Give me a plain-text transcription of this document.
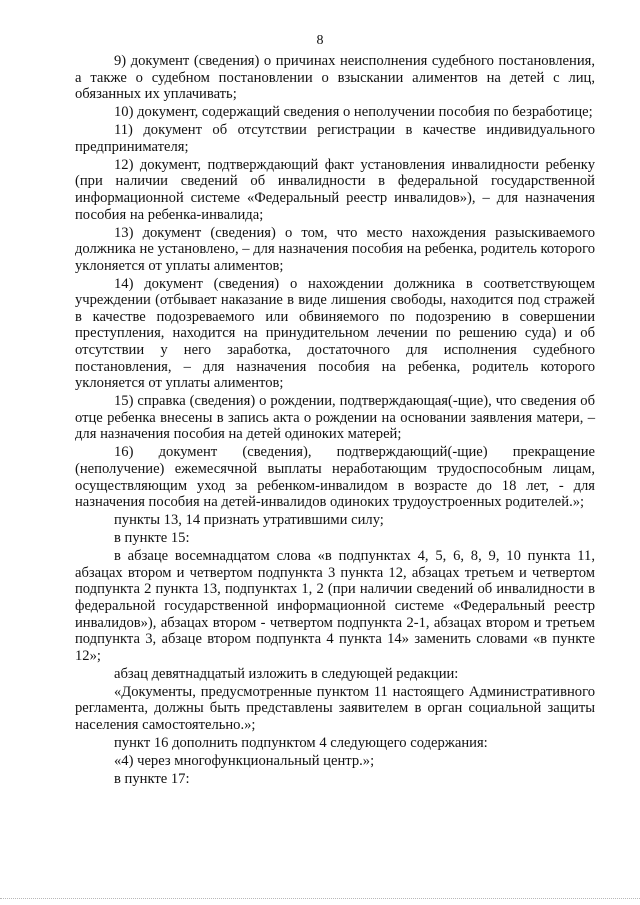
8

9) документ (сведения) о причинах неисполнения судебного постановления, а также о судебном постановлении о взыскании алиментов на детей с лиц, обязанных их уплачивать;

10) документ, содержащий сведения о неполучении пособия по безработице;

11) документ об отсутствии регистрации в качестве индивидуального предпринимателя;

12) документ, подтверждающий факт установления инвалидности ребенку (при наличии сведений об инвалидности в федеральной государственной информационной системе «Федеральный реестр инвалидов»), – для назначения пособия на ребенка-инвалида;

13) документ (сведения) о том, что место нахождения разыскиваемого должника не установлено, – для назначения пособия на ребенка, родитель которого уклоняется от уплаты алиментов;

14) документ (сведения) о нахождении должника в соответствующем учреждении (отбывает наказание в виде лишения свободы, находится под стражей в качестве подозреваемого или обвиняемого по подозрению в совершении преступления, находится на принудительном лечении по решению суда) и об отсутствии у него заработка, достаточного для исполнения судебного постановления, – для назначения пособия на ребенка, родитель которого уклоняется от уплаты алиментов;

15) справка (сведения) о рождении, подтверждающая(-щие), что сведения об отце ребенка внесены в запись акта о рождении на основании заявления матери, – для назначения пособия на детей одиноких матерей;

16) документ (сведения), подтверждающий(-щие) прекращение (неполучение) ежемесячной выплаты неработающим трудоспособным лицам, осуществляющим уход за ребенком-инвалидом в возрасте до 18 лет, - для назначения пособия на детей-инвалидов одиноких трудоустроенных родителей.»;

пункты 13, 14 признать утратившими силу;

в пункте 15:

в абзаце восемнадцатом слова «в подпунктах 4, 5, 6, 8, 9, 10 пункта 11, абзацах втором и четвертом подпункта 3 пункта 12, абзацах третьем и четвертом подпункта 2 пункта 13, подпунктах 1, 2 (при наличии сведений об инвалидности в федеральной государственной информационной системе «Федеральный реестр инвалидов»), абзацах втором - четвертом подпункта 2-1, абзацах втором и третьем подпункта 3, абзаце втором подпункта 4 пункта 14» заменить словами «в пункте 12»;

абзац девятнадцатый изложить в следующей редакции:

«Документы, предусмотренные пунктом 11 настоящего Административного регламента, должны быть представлены заявителем в орган социальной защиты населения самостоятельно.»;

пункт 16 дополнить подпунктом 4 следующего содержания:

«4) через многофункциональный центр.»;

в пункте 17:
